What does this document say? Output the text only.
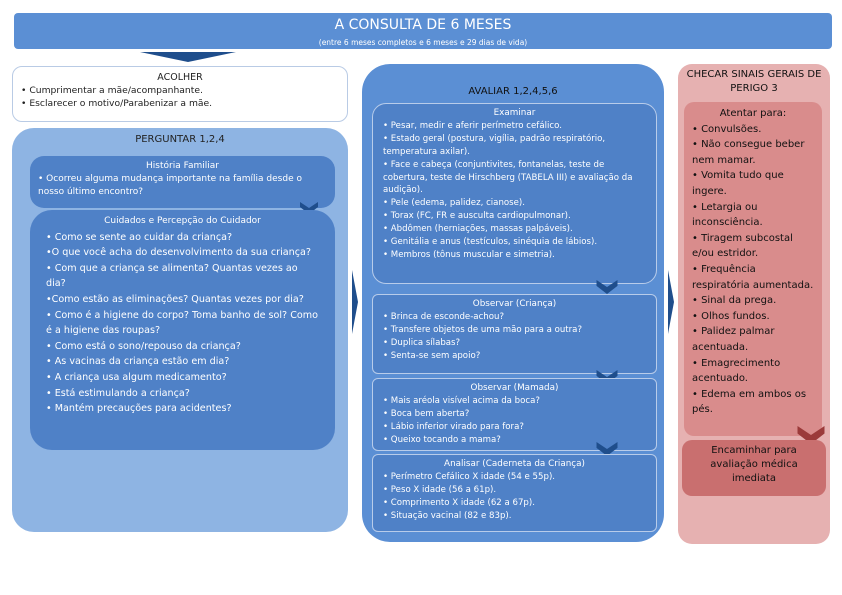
A CONSULTA DE 6 MESES
(entre 6 meses completos e 6 meses e 29 dias de vida)
ACOLHER

• Cumprimentar a mãe/acompanhante.

• Esclarecer o motivo/Parabenizar a mãe.

PERGUNTAR 1,2,4
História Familiar

• Ocorreu alguma mudança importante na família desde o nosso último encontro?

Cuidados e Percepção do Cuidador

• Como se sente ao cuidar da criança?

•O que você acha do desenvolvimento da sua criança?

• Com que a criança se alimenta? Quantas vezes ao dia?

•Como estão as eliminações? Quantas vezes por dia?

• Como é a higiene do corpo? Toma banho de sol? Como é a higiene das roupas?

• Como está o sono/repouso da criança?

• As vacinas da criança estão em dia?

• A criança usa algum medicamento?

• Está estimulando a criança?

• Mantém precauções para acidentes?

AVALIAR 1,2,4,5,6
Examinar

• Pesar, medir e aferir perímetro cefálico.

• Estado geral (postura, vigília, padrão respiratório, temperatura axilar).

• Face e cabeça (conjuntivites, fontanelas, teste de cobertura, teste de Hirschberg (TABELA III) e avaliação da audição).

• Pele (edema, palidez, cianose).

• Torax (FC, FR e ausculta cardiopulmonar).

• Abdômen (herniações, massas palpáveis).

• Genitália e anus (testículos, sinéquia de lábios).

• Membros (tônus muscular e simetria).

Observar (Criança)

• Brinca de esconde-achou?

• Transfere objetos de uma mão para a outra?

• Duplica sílabas?

• Senta-se sem apoio?

Observar (Mamada)

• Mais aréola visível acima da boca?

• Boca bem aberta?

• Lábio inferior virado para fora?

• Queixo tocando a mama?

Analisar (Caderneta da Criança)

• Perímetro Cefálico X idade (54 e 55p).

• Peso X idade (56 a 61p).

• Comprimento X idade (62 a 67p).

• Situação vacinal (82 e 83p).

CHECAR SINAIS GERAIS DE PERIGO 3
Atentar para:

• Convulsões.

• Não consegue beber nem mamar.

• Vomita tudo que ingere.

• Letargia ou inconsciência.

• Tiragem subcostal e/ou estridor.

• Frequência respiratória aumentada.

• Sinal da prega.

• Olhos fundos.

• Palidez palmar acentuada.

• Emagrecimento acentuado.

• Edema em ambos os pés.

Encaminhar para avaliação médica imediata
